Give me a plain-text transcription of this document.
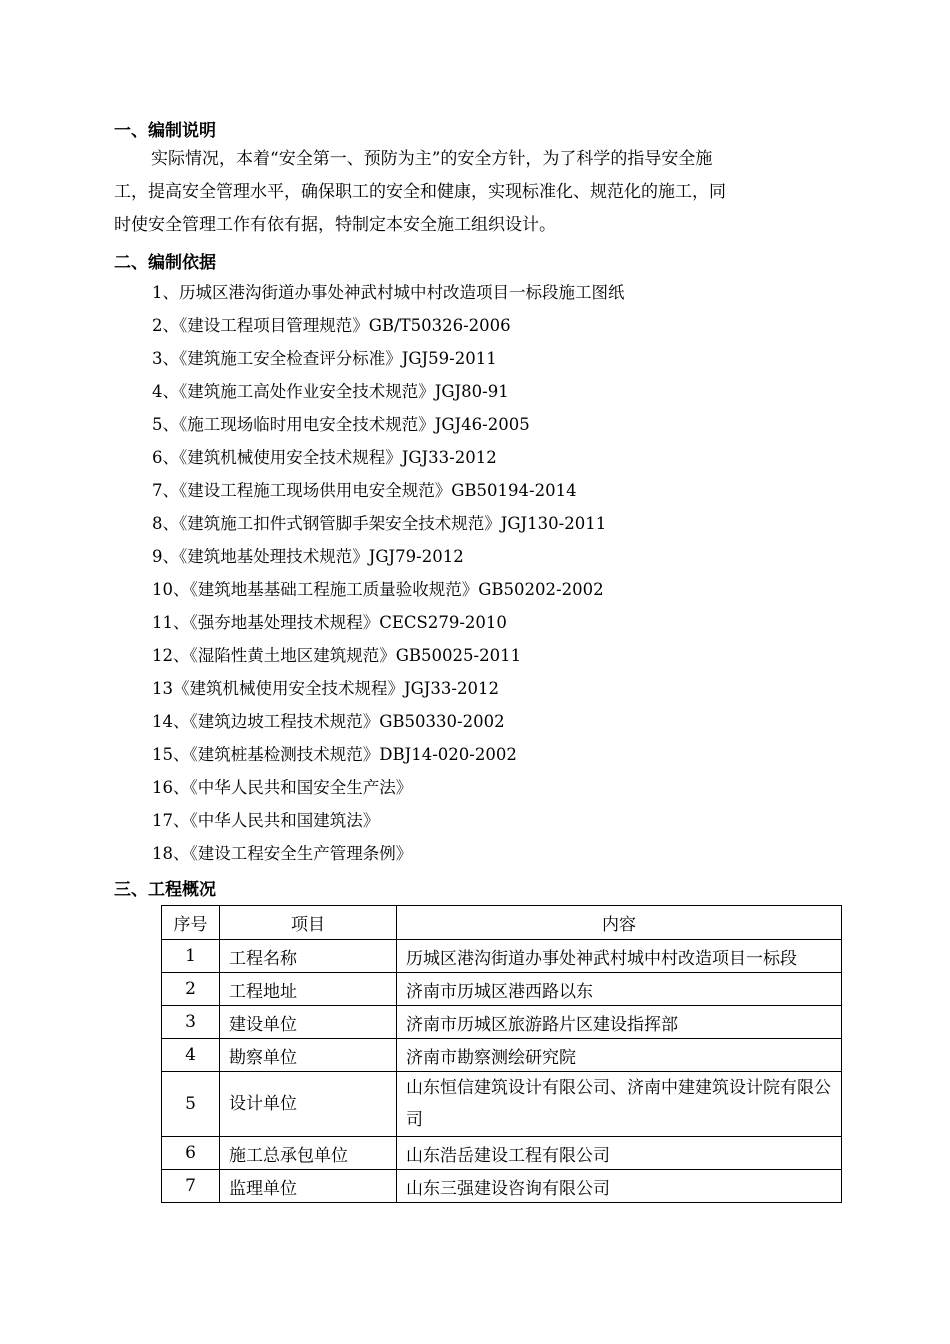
一、编制说明
实际情况，本着“安全第一、预防为主”的安全方针，为了科学的指导安全施
工，提高安全管理水平，确保职工的安全和健康，实现标准化、规范化的施工，同
时使安全管理工作有依有据，特制定本安全施工组织设计。
二、编制依据
1、历城区港沟街道办事处神武村城中村改造项目一标段施工图纸
2、《建设工程项目管理规范》GB/T50326-2006
3、《建筑施工安全检查评分标准》JGJ59-2011
4、《建筑施工高处作业安全技术规范》JGJ80-91
5、《施工现场临时用电安全技术规范》JGJ46-2005
6、《建筑机械使用安全技术规程》JGJ33-2012
7、《建设工程施工现场供用电安全规范》GB50194-2014
8、《建筑施工扣件式钢管脚手架安全技术规范》JGJ130-2011
9、《建筑地基处理技术规范》JGJ79-2012
10、《建筑地基基础工程施工质量验收规范》GB50202-2002
11、《强夯地基处理技术规程》CECS279-2010
12、《湿陷性黄土地区建筑规范》GB50025-2011
13《建筑机械使用安全技术规程》JGJ33-2012
14、《建筑边坡工程技术规范》GB50330-2002
15、《建筑桩基检测技术规范》DBJ14-020-2002
16、《中华人民共和国安全生产法》
17、《中华人民共和国建筑法》
18、《建设工程安全生产管理条例》
三、工程概况
序号	项目	内容
1	工程名称	历城区港沟街道办事处神武村城中村改造项目一标段
2	工程地址	济南市历城区港西路以东
3	建设单位	济南市历城区旅游路片区建设指挥部
4	勘察单位	济南市勘察测绘研究院
5	设计单位	山东恒信建筑设计有限公司、济南中建建筑设计院有限公司
6	施工总承包单位	山东浩岳建设工程有限公司
7	监理单位	山东三强建设咨询有限公司
